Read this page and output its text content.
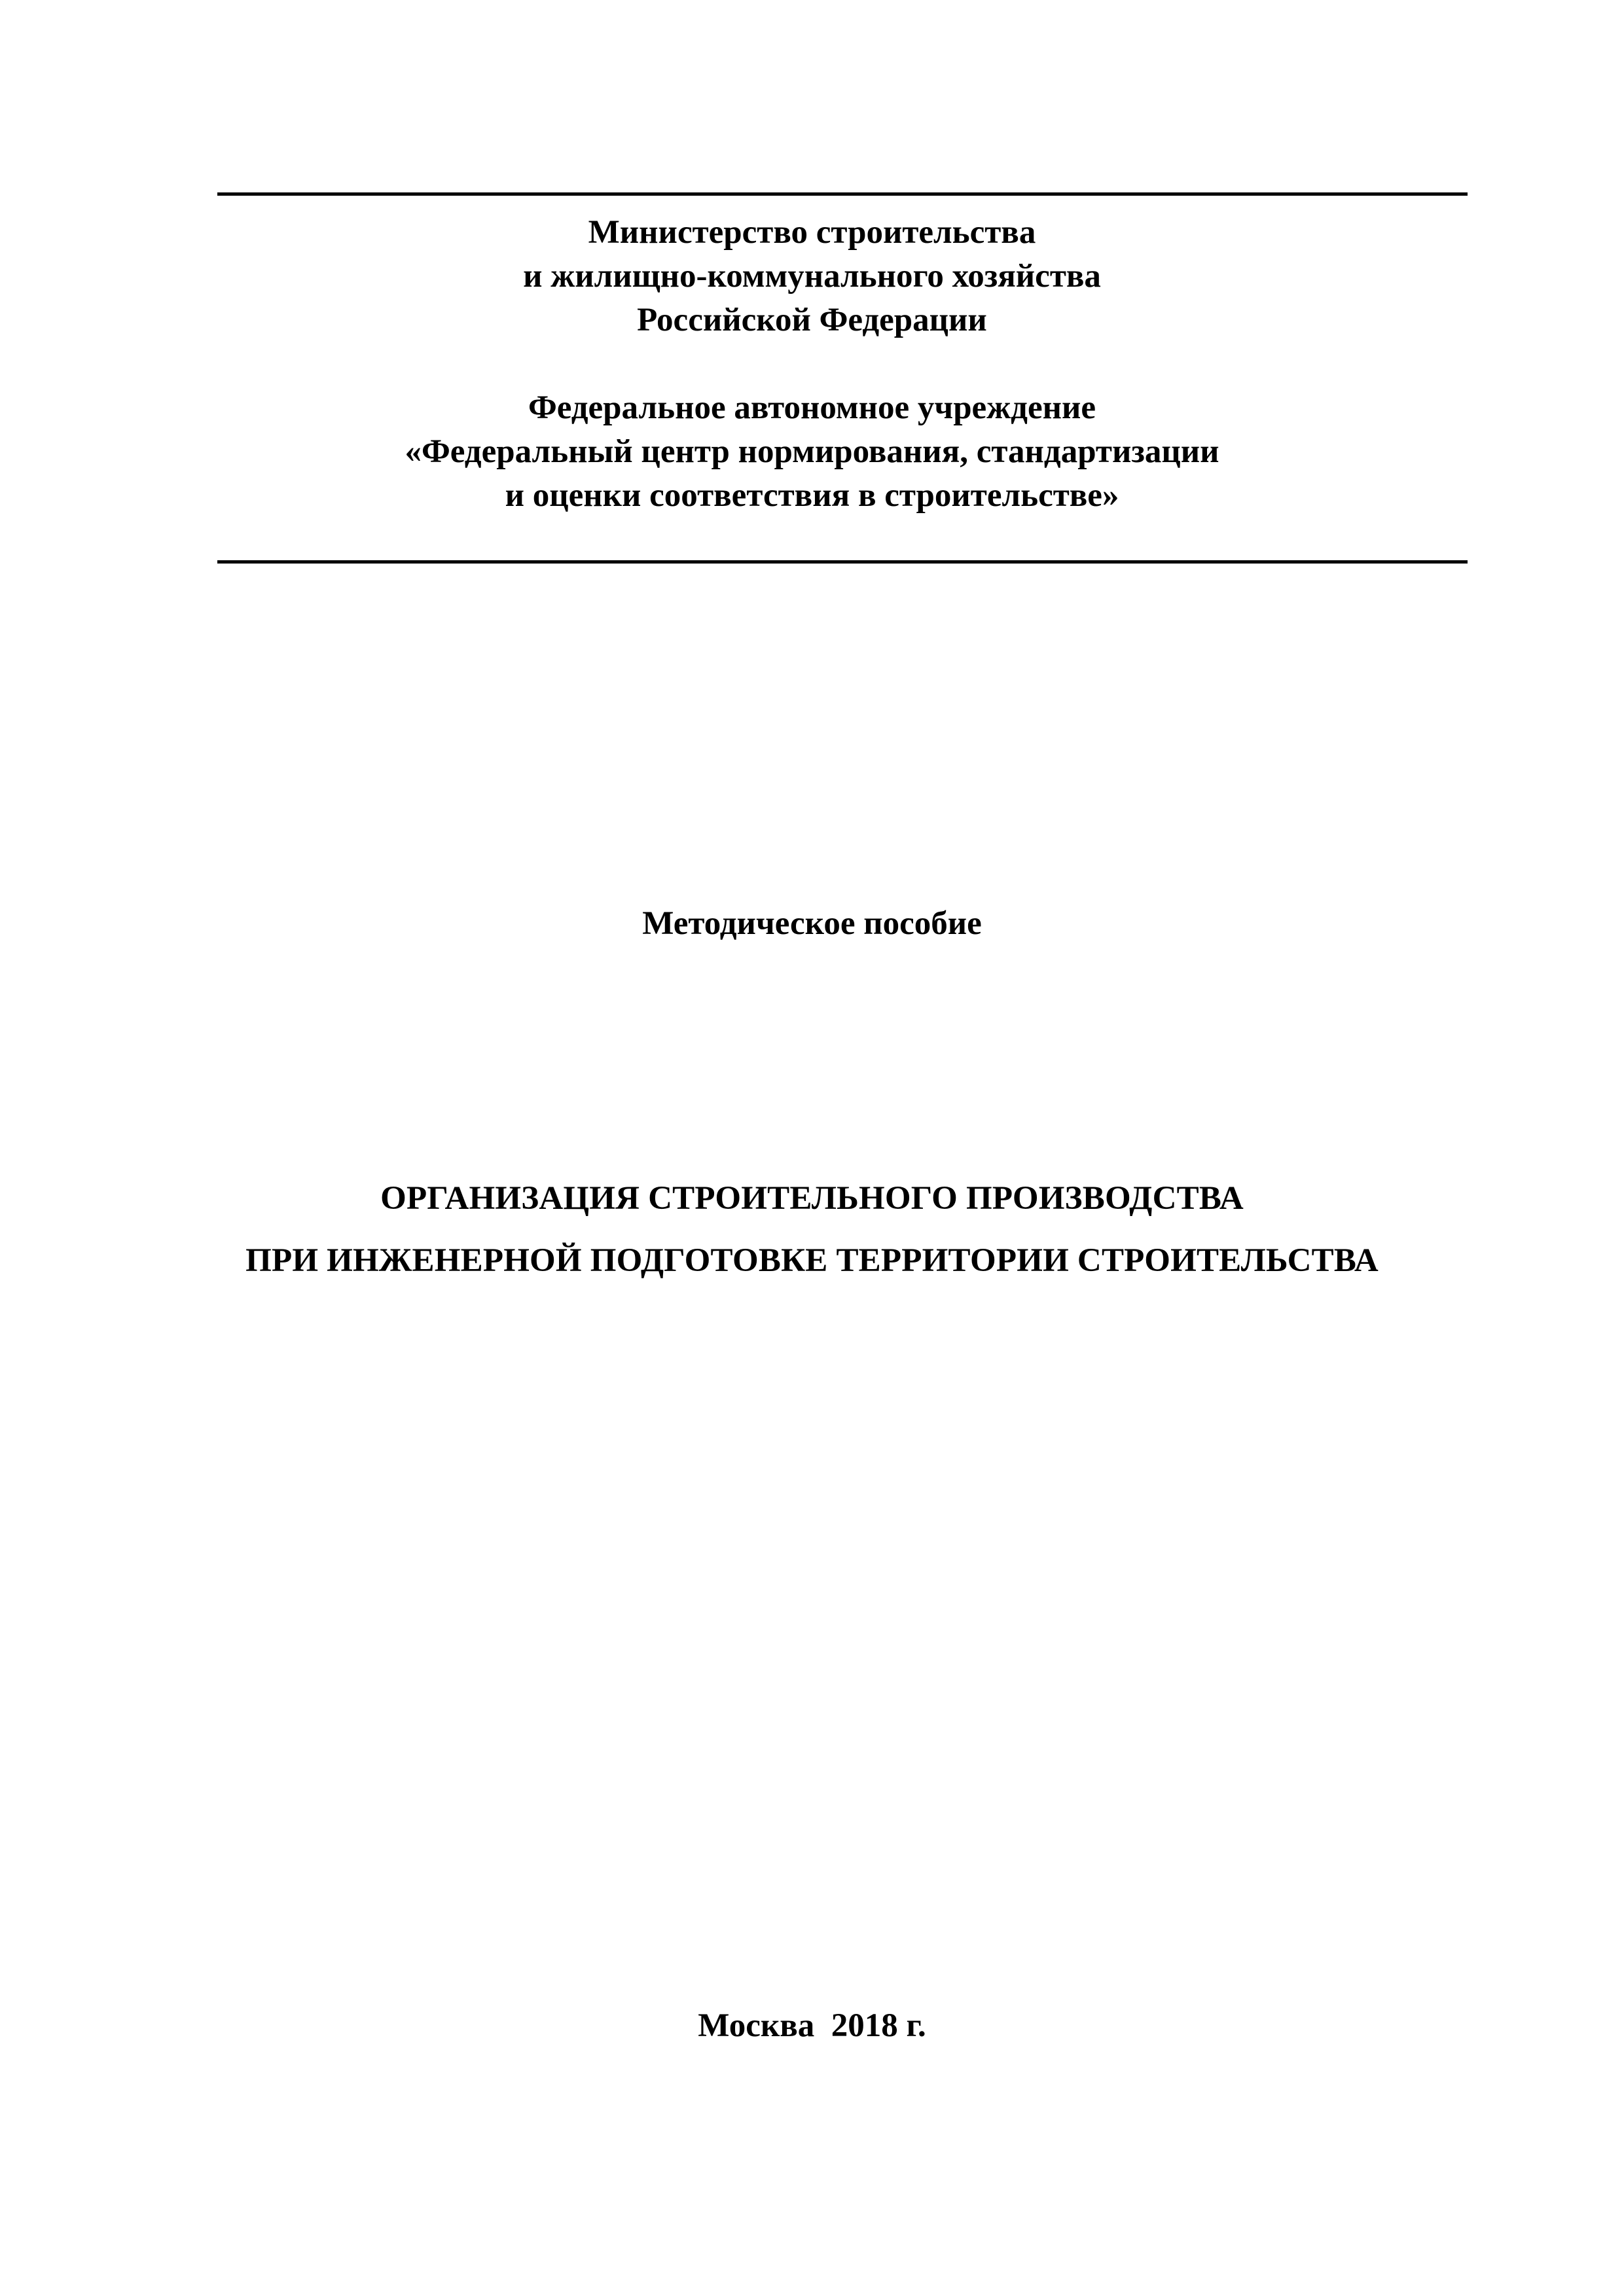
Министерство строительства
и жилищно-коммунального хозяйства
Российской Федерации
Федеральное автономное учреждение
«Федеральный центр нормирования, стандартизации
и оценки соответствия в строительстве»
Методическое пособие
ОРГАНИЗАЦИЯ СТРОИТЕЛЬНОГО ПРОИЗВОДСТВА
ПРИ ИНЖЕНЕРНОЙ ПОДГОТОВКЕ ТЕРРИТОРИИ СТРОИТЕЛЬСТВА
Москва  2018 г.
